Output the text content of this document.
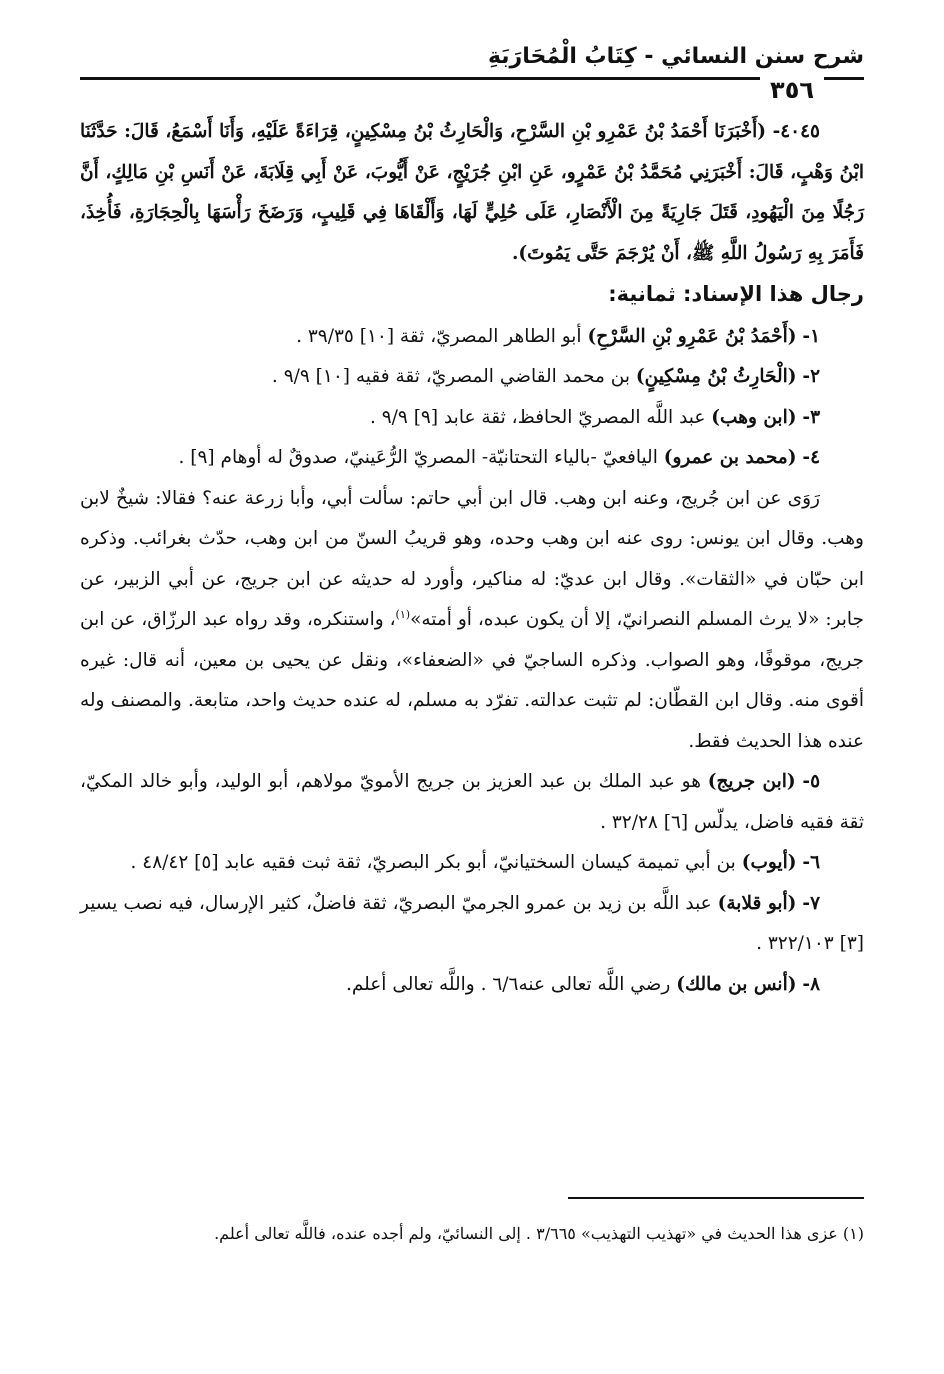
شرح سنن النسائي - كِتَابُ الْمُحَارَبَةِ
٣٥٦

٤٠٤٥- (أَخْبَرَنَا أَحْمَدُ بْنُ عَمْرِو بْنِ السَّرْحِ، وَالْحَارِثُ بْنُ مِسْكِينٍ، قِرَاءَةً عَلَيْهِ، وَأَنَا أَسْمَعُ، قَالَ: حَدَّثَنَا ابْنُ وَهْبٍ، قَالَ: أَخْبَرَنِي مُحَمَّدُ بْنُ عَمْرٍو، عَنِ ابْنِ جُرَيْجٍ، عَنْ أَيُّوبَ، عَنْ أَبِي قِلَابَةَ، عَنْ أَنَسِ بْنِ مَالِكٍ، أَنَّ رَجُلًا مِنَ الْيَهُودِ، قَتَلَ جَارِيَةً مِنَ الْأَنْصَارِ، عَلَى حُلِيٍّ لَهَا، وَأَلْقَاهَا فِي قَلِيبٍ، وَرَضَخَ رَأْسَهَا بِالْحِجَارَةِ، فَأُخِذَ، فَأَمَرَ بِهِ رَسُولُ اللَّهِ ﷺ، أَنْ يُرْجَمَ حَتَّى يَمُوتَ).

رجال هذا الإسناد: ثمانية:

١- (أَحْمَدُ بْنُ عَمْرِو بْنِ السَّرْحِ) أبو الطاهر المصريّ، ثقة [١٠] ٣٩/٣٥ .

٢- (الْحَارِثُ بْنُ مِسْكِينٍ) بن محمد القاضي المصريّ، ثقة فقيه [١٠] ٩/٩ .

٣- (ابن وهب) عبد اللَّه المصريّ الحافظ، ثقة عابد [٩] ٩/٩ .

٤- (محمد بن عمرو) اليافعيّ -بالياء التحتانيّة- المصريّ الرُّعَينيّ، صدوقٌ له أوهام [٩] .

رَوَى عن ابن جُريج، وعنه ابن وهب. قال ابن أبي حاتم: سألت أبي، وأبا زرعة عنه؟ فقالا: شيخٌ لابن وهب. وقال ابن يونس: روى عنه ابن وهب وحده، وهو قريبُ السنّ من ابن وهب، حدّث بغرائب. وذكره ابن حبّان في «الثقات». وقال ابن عديّ: له مناكير، وأورد له حديثه عن ابن جريج، عن أبي الزبير، عن جابر: «لا يرث المسلم النصرانيّ، إلا أن يكون عبده، أو أمته»$^{(١)}$، واستنكره، وقد رواه عبد الرزّاق، عن ابن جريج، موقوفًا، وهو الصواب. وذكره الساجيّ في «الضعفاء»، ونقل عن يحيى بن معين، أنه قال: غيره أقوى منه. وقال ابن القطّان: لم تثبت عدالته. تفرّد به مسلم، له عنده حديث واحد، متابعة. والمصنف وله عنده هذا الحديث فقط.

٥- (ابن جريج) هو عبد الملك بن عبد العزيز بن جريج الأمويّ مولاهم، أبو الوليد، وأبو خالد المكيّ، ثقة فقيه فاضل، يدلّس [٦] ٣٢/٢٨ .

٦- (أيوب) بن أبي تميمة كيسان السختيانيّ، أبو بكر البصريّ، ثقة ثبت فقيه عابد [٥] ٤٨/٤٢ .

٧- (أبو قلابة) عبد اللَّه بن زيد بن عمرو الجرميّ البصريّ، ثقة فاضلٌ، كثير الإرسال، فيه نصب يسير [٣] ٣٢٢/١٠٣ .

٨- (أنس بن مالك) رضي اللَّه تعالى عنه٦/٦ . واللَّه تعالى أعلم.

(١) عزى هذا الحديث في «تهذيب التهذيب» ٣/٦٦٥ . إلى النسائيّ، ولم أجده عنده، فاللَّه تعالى أعلم.
